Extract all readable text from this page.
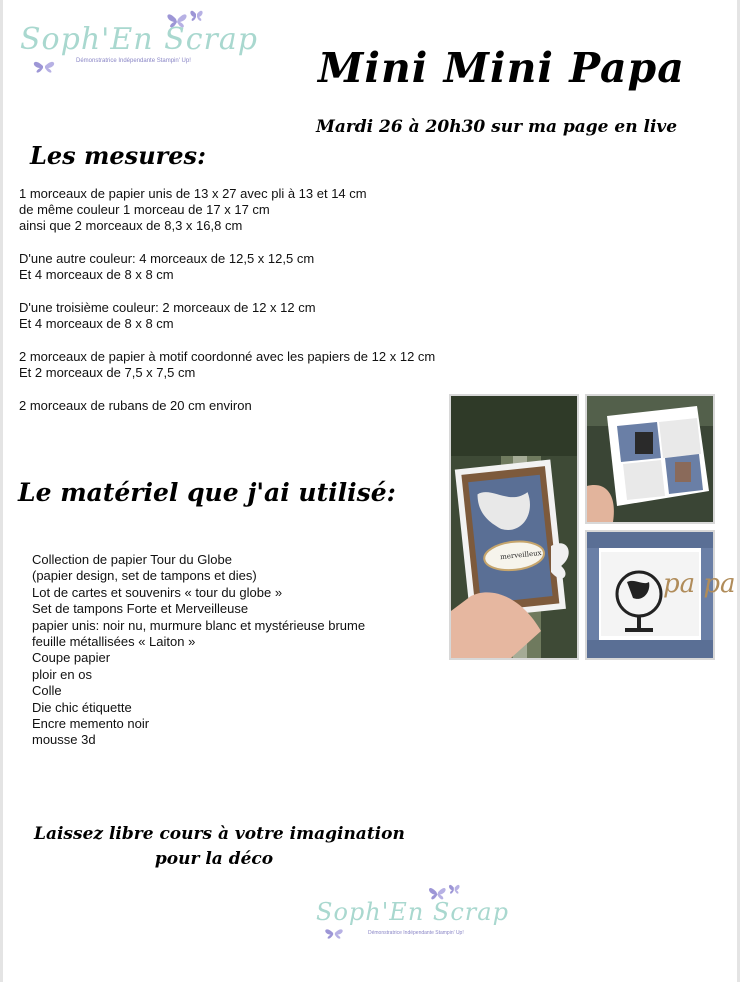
Soph'En Scrap
Démonstratrice Indépendante Stampin' Up!	Mini Mini Papa
Mardi 26 à 20h30 sur ma page en live
Les mesures:

1 morceaux de papier unis de 13 x 27 avec pli à 13 et 14 cm
de même couleur 1 morceau de 17 x 17 cm
ainsi que 2 morceaux de 8,3 x 16,8 cm

D'une autre couleur: 4 morceaux de 12,5 x 12,5 cm
Et 4 morceaux de 8 x 8 cm

D'une troisième couleur: 2 morceaux de 12 x 12 cm
Et 4 morceaux de 8 x 8 cm

2 morceaux de papier à motif coordonné avec les papiers de 12 x 12 cm
Et 2 morceaux de 7,5 x 7,5 cm

2 morceaux de rubans de 20 cm environ

Le matériel que j'ai utilisé:
Collection de papier Tour du Globe
(papier design, set de tampons et dies)
Lot de cartes et souvenirs « tour du globe »
Set de tampons Forte et Merveilleuse
papier unis: noir nu, murmure blanc et mystérieuse brume
feuille métallisées « Laiton »
Coupe papier
ploir en os
Colle
Die chic étiquette
Encre memento noir
mousse 3d
merveilleux
pa pa
Laissez libre cours à votre imagination
pour la déco
Soph'En Scrap
Démonstratrice Indépendante Stampin' Up!
